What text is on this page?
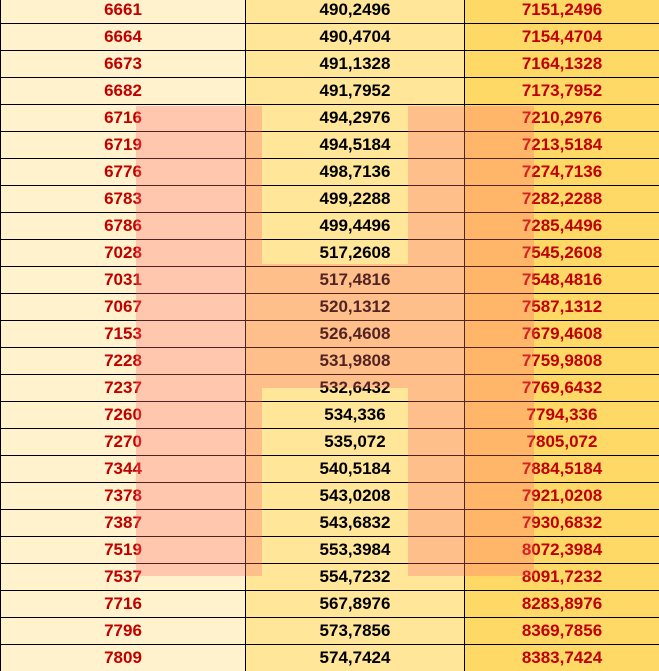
6661	490,2496	7151,2496
6664	490,4704	7154,4704
6673	491,1328	7164,1328
6682	491,7952	7173,7952
6716	494,2976	7210,2976
6719	494,5184	7213,5184
6776	498,7136	7274,7136
6783	499,2288	7282,2288
6786	499,4496	7285,4496
7028	517,2608	7545,2608
7031	517,4816	7548,4816
7067	520,1312	7587,1312
7153	526,4608	7679,4608
7228	531,9808	7759,9808
7237	532,6432	7769,6432
7260	534,336	7794,336
7270	535,072	7805,072
7344	540,5184	7884,5184
7378	543,0208	7921,0208
7387	543,6832	7930,6832
7519	553,3984	8072,3984
7537	554,7232	8091,7232
7716	567,8976	8283,8976
7796	573,7856	8369,7856
7809	574,7424	8383,7424
